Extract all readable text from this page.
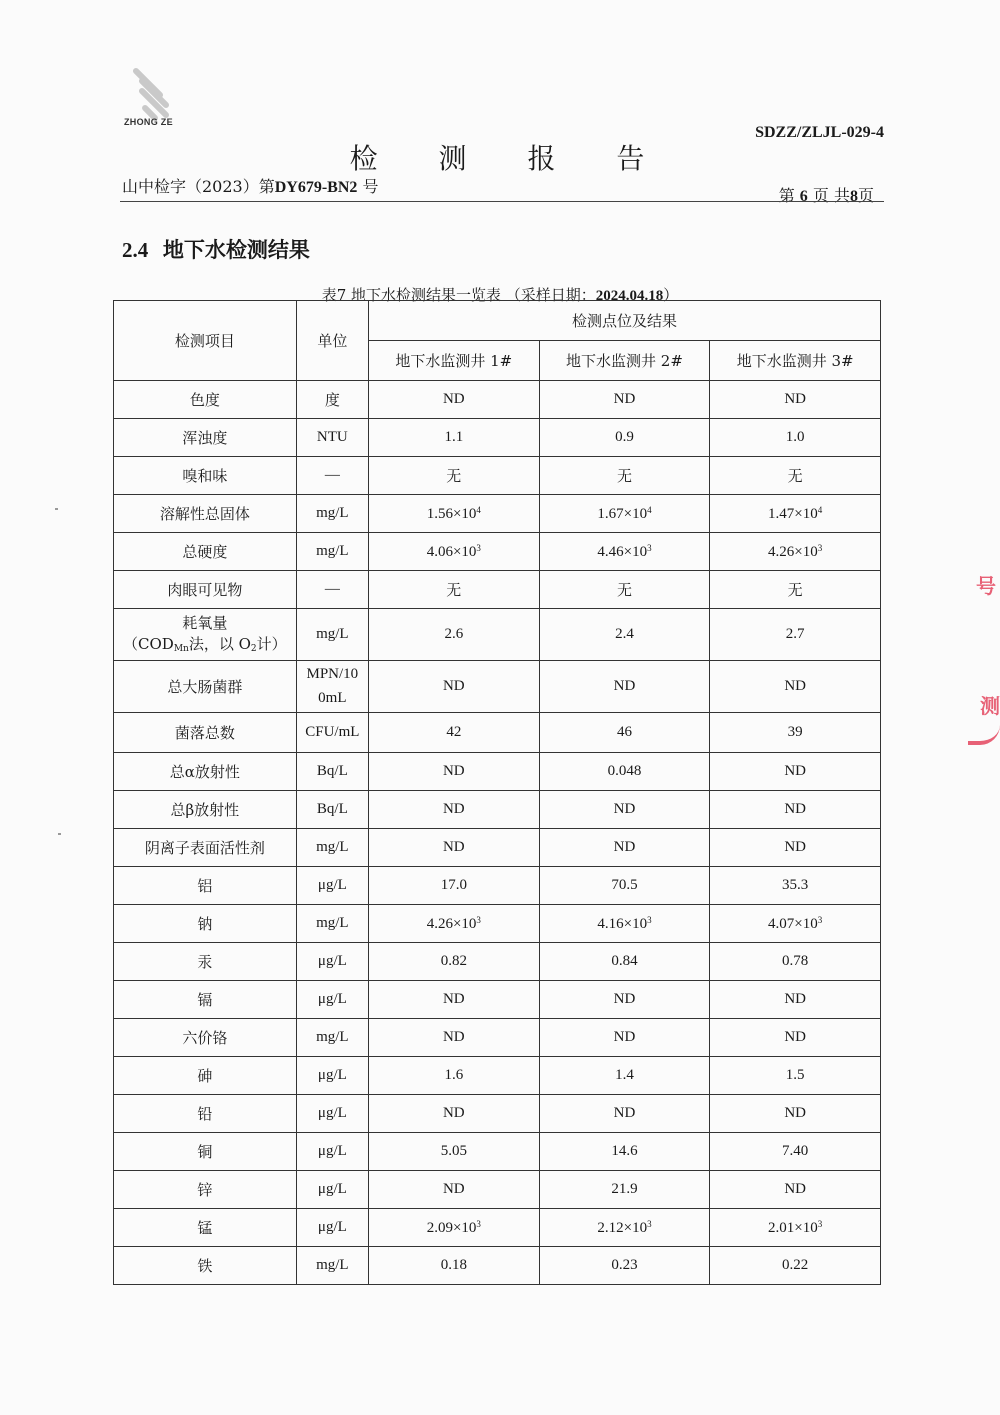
ZHONG ZE
SDZZ/ZLJL-029-4
检 测 报 告
山中检字（2023）第DY679-BN2 号	第 6 页 共8页
2.4 地下水检测结果
表7 地下水检测结果一览表 （采样日期：2024.04.18）
检测项目	单位	检测点位及结果		
		地下水监测井 1#	地下水监测井 2#	地下水监测井 3#
色度	度	ND	ND	ND
浑浊度	NTU	1.1	0.9	1.0
嗅和味	—	无	无	无
溶解性总固体	mg/L	$1.56\times 10^4$	$1.67\times 10^4$	$1.47\times 10^4$
总硬度	mg/L	$4.06\times 10^3$	$4.46\times 10^3$	$4.26\times 10^3$
肉眼可见物	—	无	无	无

耗氧量
（$COD_{Mn}$法，以 $O_2$计）	mg/L	2.6	2.4	2.7
总大肠菌群	MPN/10
0mL	ND	ND	ND
菌落总数	CFU/mL	42	46	39
总α放射性	Bq/L	ND	0.048	ND
总β放射性	Bq/L	ND	ND	ND
阴离子表面活性剂	mg/L	ND	ND	ND
铝	μg/L	17.0	70.5	35.3
钠	mg/L	$4.26\times 10^3$	$4.16\times 10^3$	$4.07\times 10^3$
汞	μg/L	0.82	0.84	0.78
镉	μg/L	ND	ND	ND
六价铬	mg/L	ND	ND	ND
砷	μg/L	1.6	1.4	1.5
铅	μg/L	ND	ND	ND
铜	μg/L	5.05	14.6	7.40
锌	μg/L	ND	21.9	ND
锰	μg/L	$2.09\times 10^3$	$2.12\times 10^3$	$2.01\times 10^3$
铁	mg/L	0.18	0.23	0.22
号
测
